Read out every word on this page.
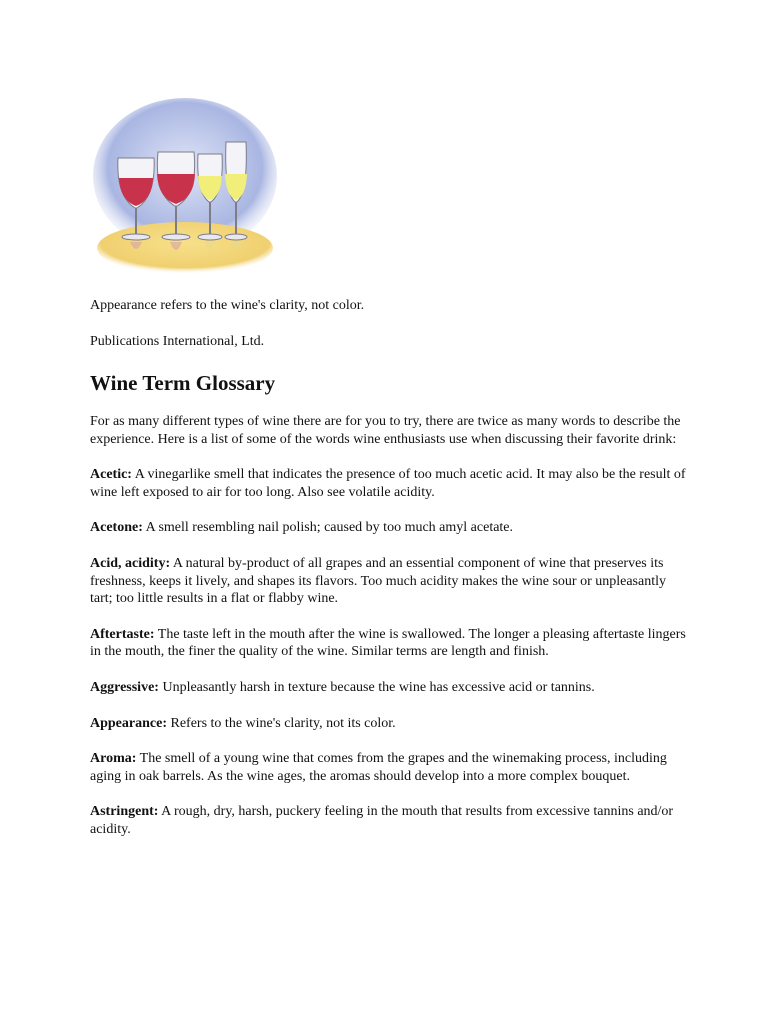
Appearance refers to the wine's clarity, not color.

Publications International, Ltd.

Wine Term Glossary

For as many different types of wine there are for you to try, there are twice as many words to describe the experience. Here is a list of some of the words wine enthusiasts use when discussing their favorite drink:

Acetic: A vinegarlike smell that indicates the presence of too much acetic acid. It may also be the result of wine left exposed to air for too long. Also see volatile acidity.

Acetone: A smell resembling nail polish; caused by too much amyl acetate.

Acid, acidity: A natural by-product of all grapes and an essential component of wine that preserves its freshness, keeps it lively, and shapes its flavors. Too much acidity makes the wine sour or unpleasantly tart; too little results in a flat or flabby wine.

Aftertaste: The taste left in the mouth after the wine is swallowed. The longer a pleasing aftertaste lingers in the mouth, the finer the quality of the wine. Similar terms are length and finish.

Aggressive: Unpleasantly harsh in texture because the wine has excessive acid or tannins.

Appearance: Refers to the wine's clarity, not its color.

Aroma: The smell of a young wine that comes from the grapes and the winemaking process, including aging in oak barrels. As the wine ages, the aromas should develop into a more complex bouquet.

Astringent: A rough, dry, harsh, puckery feeling in the mouth that results from excessive tannins and/or acidity.
